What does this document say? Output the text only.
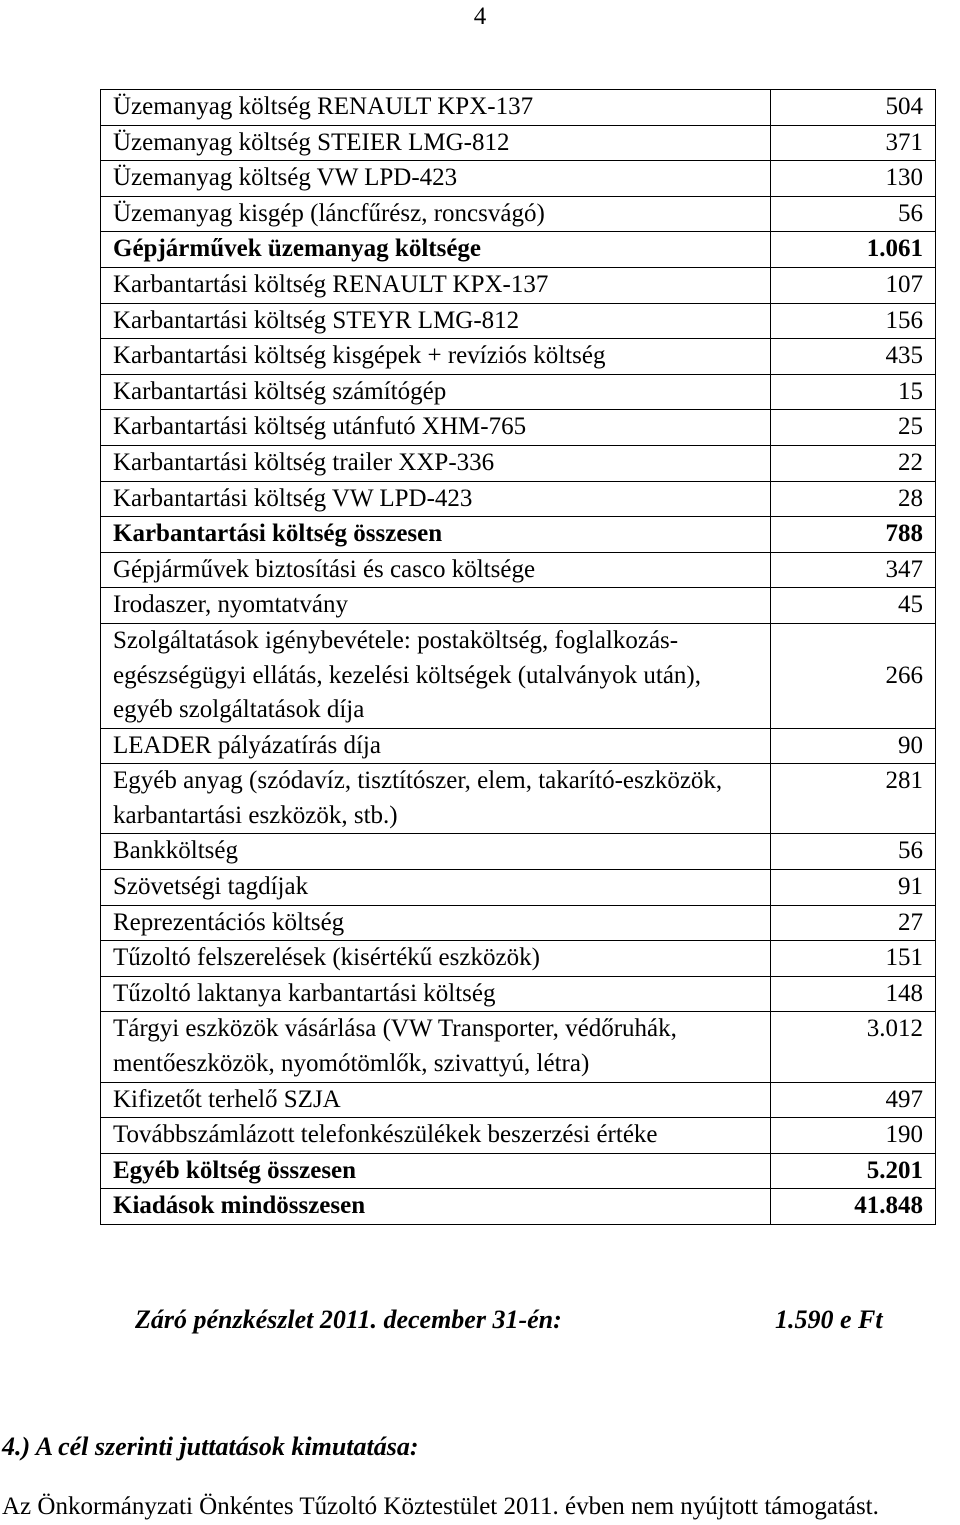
4
Üzemanyag költség RENAULT KPX-137	504
Üzemanyag költség STEIER LMG-812	371
Üzemanyag költség VW LPD-423	130
Üzemanyag kisgép (láncfűrész, roncsvágó)	56
Gépjárművek üzemanyag költsége	1.061
Karbantartási költség RENAULT KPX-137	107
Karbantartási költség STEYR LMG-812	156
Karbantartási költség kisgépek + revíziós költség	435
Karbantartási költség számítógép	15
Karbantartási költség utánfutó XHM-765	25
Karbantartási költség trailer XXP-336	22
Karbantartási költség VW LPD-423	28
Karbantartási költség összesen	788
Gépjárművek biztosítási és casco költsége	347
Irodaszer, nyomtatvány	45
Szolgáltatások igénybevétele: postaköltség, foglalkozás-egészségügyi ellátás, kezelési költségek (utalványok után), egyéb szolgáltatások díja	266
LEADER pályázatírás díja	90
Egyéb anyag (szódavíz, tisztítószer, elem, takarító-eszközök, karbantartási eszközök, stb.)	281
Bankköltség	56
Szövetségi tagdíjak	91
Reprezentációs költség	27
Tűzoltó felszerelések (kisértékű eszközök)	151
Tűzoltó laktanya karbantartási költség	148
Tárgyi eszközök vásárlása (VW Transporter, védőruhák, mentőeszközök, nyomótömlők, szivattyú, létra)	3.012
Kifizetőt terhelő SZJA	497
Továbbszámlázott telefonkészülékek beszerzési értéke	190
Egyéb költség összesen	5.201
Kiadások mindösszesen	41.848
Záró pénzkészlet 2011. december 31-én:	1.590 e Ft
4.) A cél szerinti juttatások kimutatása:
Az Önkormányzati Önkéntes Tűzoltó Köztestület 2011. évben nem nyújtott támogatást.
